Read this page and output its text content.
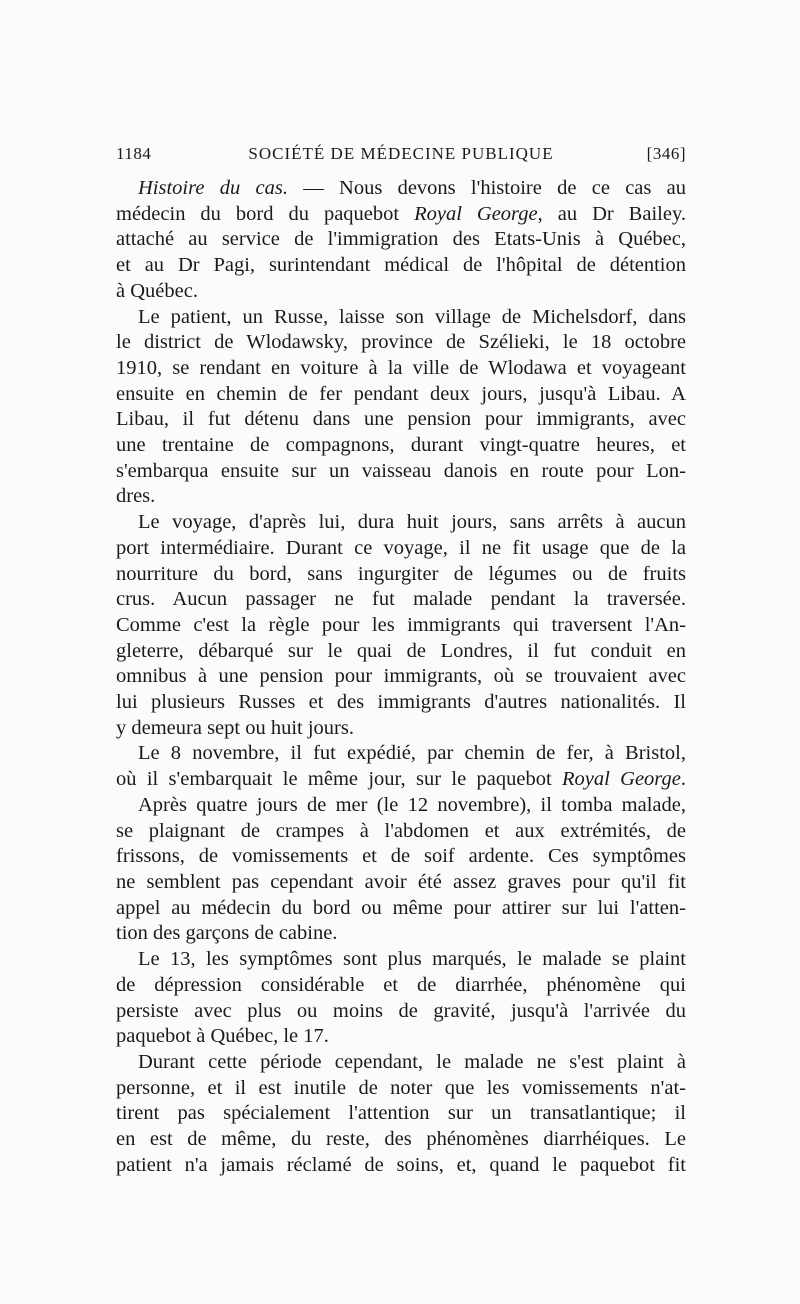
1184	SOCIÉTÉ DE MÉDECINE PUBLIQUE	[346]
Histoire du cas. — Nous devons l'histoire de ce cas au
médecin du bord du paquebot Royal George, au Dr Bailey.
attaché au service de l'immigration des Etats-Unis à Québec,
et au Dr Pagi, surintendant médical de l'hôpital de détention
à Québec.
Le patient, un Russe, laisse son village de Michelsdorf, dans
le district de Wlodawsky, province de Szélieki, le 18 octobre
1910, se rendant en voiture à la ville de Wlodawa et voyageant
ensuite en chemin de fer pendant deux jours, jusqu'à Libau. A
Libau, il fut détenu dans une pension pour immigrants, avec
une trentaine de compagnons, durant vingt-quatre heures, et
s'embarqua ensuite sur un vaisseau danois en route pour Lon-
dres.
Le voyage, d'après lui, dura huit jours, sans arrêts à aucun
port intermédiaire. Durant ce voyage, il ne fit usage que de la
nourriture du bord, sans ingurgiter de légumes ou de fruits
crus. Aucun passager ne fut malade pendant la traversée.
Comme c'est la règle pour les immigrants qui traversent l'An-
gleterre, débarqué sur le quai de Londres, il fut conduit en
omnibus à une pension pour immigrants, où se trouvaient avec
lui plusieurs Russes et des immigrants d'autres nationalités. Il
y demeura sept ou huit jours.
Le 8 novembre, il fut expédié, par chemin de fer, à Bristol,
où il s'embarquait le même jour, sur le paquebot Royal George.
Après quatre jours de mer (le 12 novembre), il tomba malade,
se plaignant de crampes à l'abdomen et aux extrémités, de
frissons, de vomissements et de soif ardente. Ces symptômes
ne semblent pas cependant avoir été assez graves pour qu'il fit
appel au médecin du bord ou même pour attirer sur lui l'atten-
tion des garçons de cabine.
Le 13, les symptômes sont plus marqués, le malade se plaint
de dépression considérable et de diarrhée, phénomène qui
persiste avec plus ou moins de gravité, jusqu'à l'arrivée du
paquebot à Québec, le 17.
Durant cette période cependant, le malade ne s'est plaint à
personne, et il est inutile de noter que les vomissements n'at-
tirent pas spécialement l'attention sur un transatlantique; il
en est de même, du reste, des phénomènes diarrhéiques. Le
patient n'a jamais réclamé de soins, et, quand le paquebot fit
